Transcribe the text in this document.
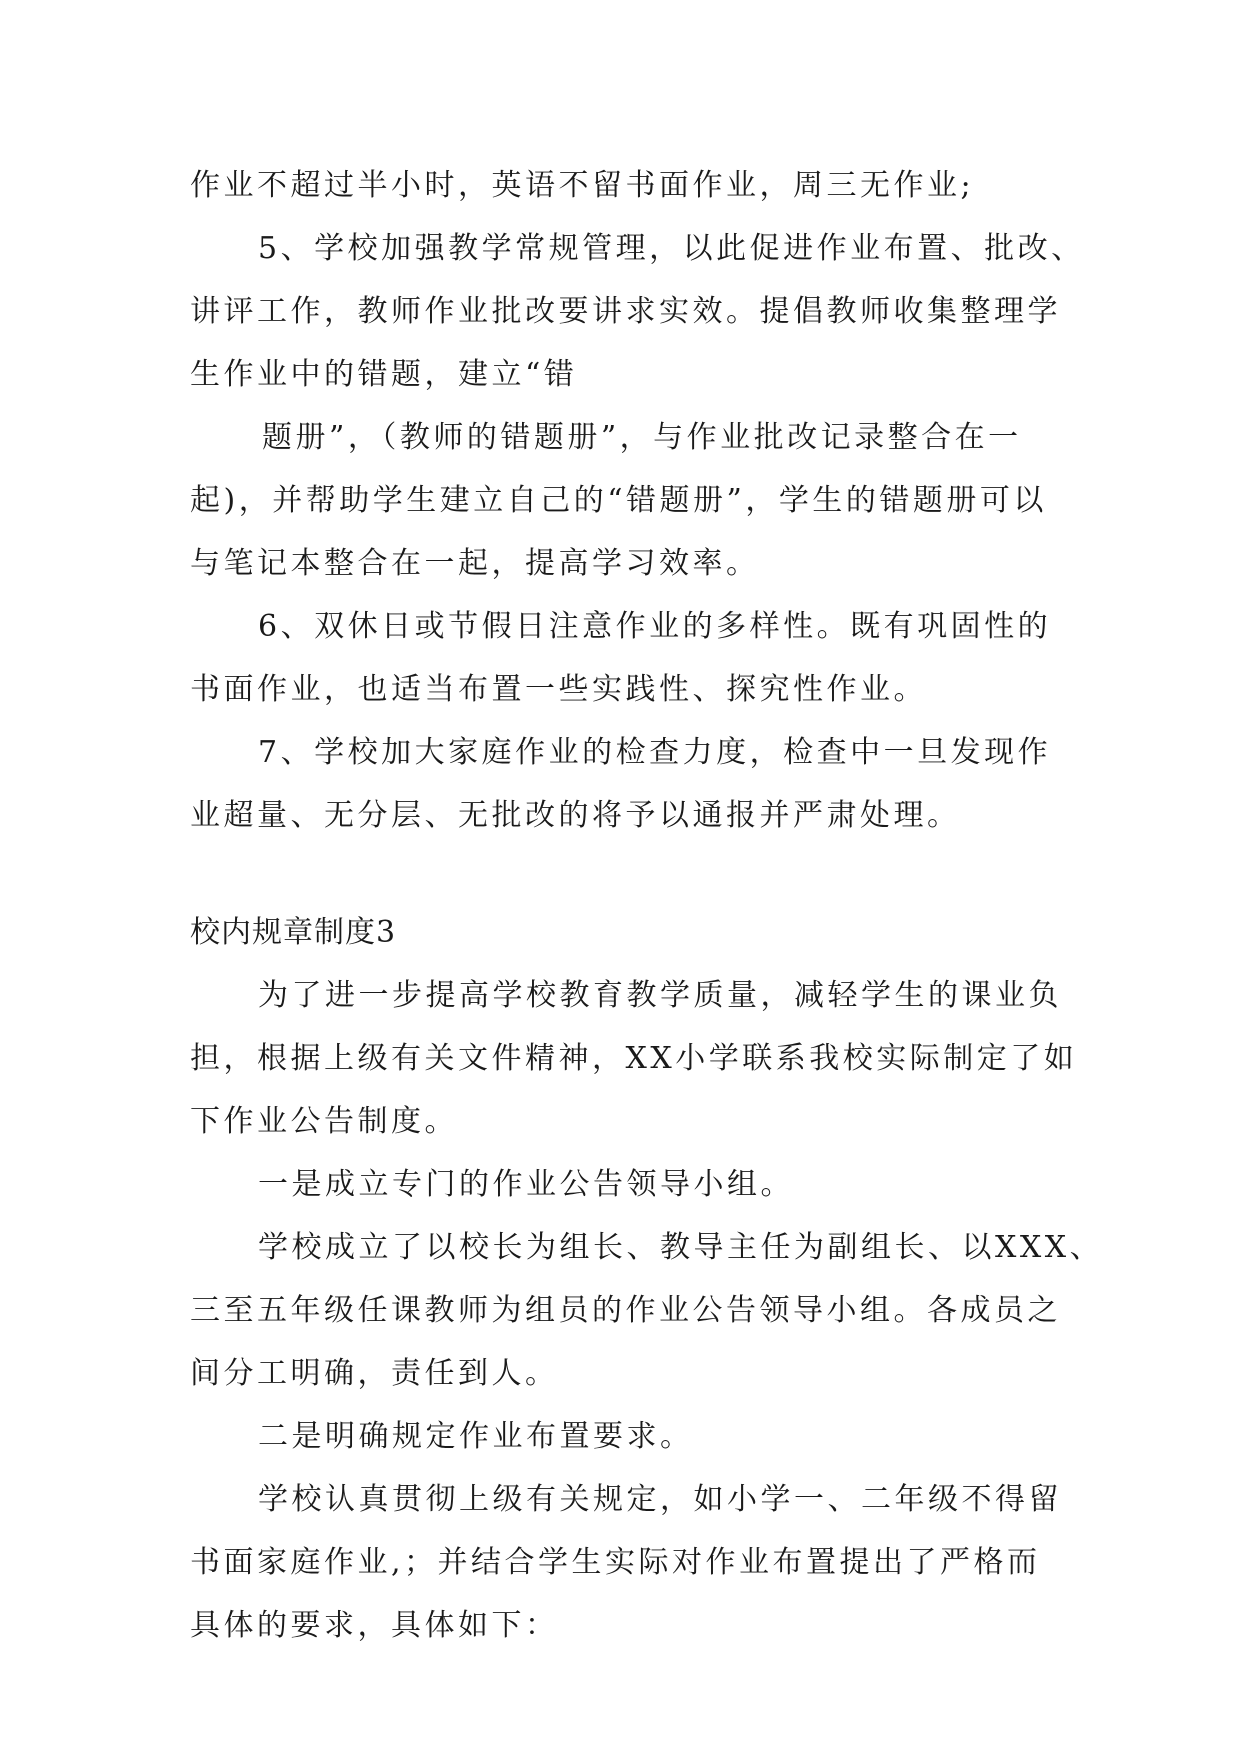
作业不超过半小时，英语不留书面作业，周三无作业;
5、学校加强教学常规管理，以此促进作业布置、批改、
讲评工作，教师作业批改要讲求实效。提倡教师收集整理学
生作业中的错题，建立“错
题册”，（教师的错题册”，与作业批改记录整合在一
起)，并帮助学生建立自己的“错题册”，学生的错题册可以
与笔记本整合在一起，提高学习效率。
6、双休日或节假日注意作业的多样性。既有巩固性的
书面作业，也适当布置一些实践性、探究性作业。
7、学校加大家庭作业的检查力度，检查中一旦发现作
业超量、无分层、无批改的将予以通报并严肃处理。
校内规章制度3
为了进一步提高学校教育教学质量，减轻学生的课业负
担，根据上级有关文件精神，XX小学联系我校实际制定了如
下作业公告制度。
一是成立专门的作业公告领导小组。
学校成立了以校长为组长、教导主任为副组长、以XXX、
三至五年级任课教师为组员的作业公告领导小组。各成员之
间分工明确，责任到人。
二是明确规定作业布置要求。
学校认真贯彻上级有关规定，如小学一、二年级不得留
书面家庭作业,；并结合学生实际对作业布置提出了严格而
具体的要求，具体如下：
